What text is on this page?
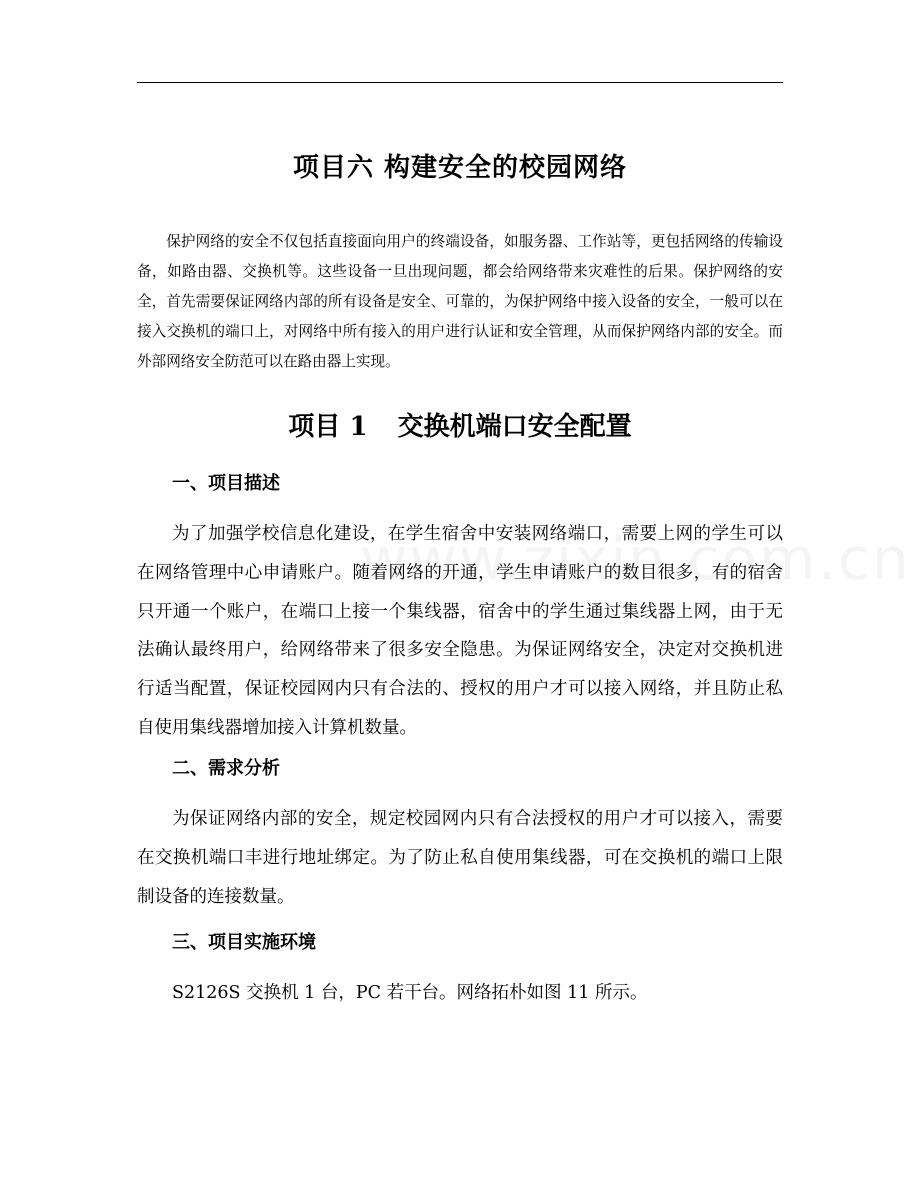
项目六 构建安全的校园网络

保护网络的安全不仅包括直接面向用户的终端设备，如服务器、工作站等，更包括网络的传输设备，如路由器、交换机等。这些设备一旦出现问题，都会给网络带来灾难性的后果。保护网络的安全，首先需要保证网络内部的所有设备是安全、可靠的，为保护网络中接入设备的安全，一般可以在接入交换机的端口上，对网络中所有接入的用户进行认证和安全管理，从而保护网络内部的安全。而外部网络安全防范可以在路由器上实现。

项目 1 交换机端口安全配置
一、项目描述

为了加强学校信息化建设，在学生宿舍中安装网络端口，需要上网的学生可以在网络管理中心申请账户。随着网络的开通，学生申请账户的数目很多，有的宿舍只开通一个账户，在端口上接一个集线器，宿舍中的学生通过集线器上网，由于无法确认最终用户，给网络带来了很多安全隐患。为保证网络安全，决定对交换机进行适当配置，保证校园网内只有合法的、授权的用户才可以接入网络，并且防止私自使用集线器增加接入计算机数量。

二、需求分析

为保证网络内部的安全，规定校园网内只有合法授权的用户才可以接入，需要在交换机端口丰进行地址绑定。为了防止私自使用集线器，可在交换机的端口上限制设备的连接数量。

三、项目实施环境

S2126S 交换机 1 台，PC 若干台。网络拓朴如图 11 所示。
